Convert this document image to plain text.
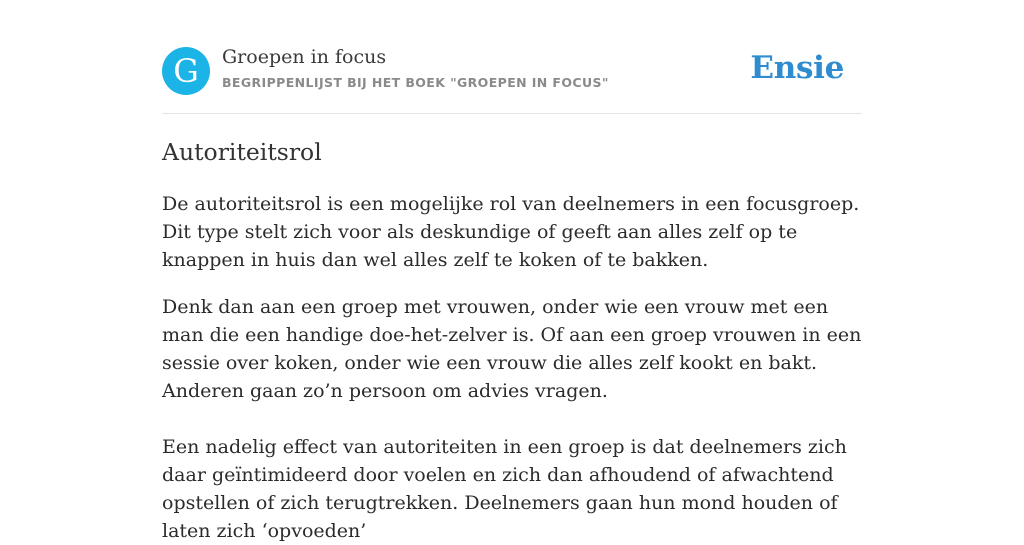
G	Groepen in focus
BEGRIPPENLIJST BIJ HET BOEK "GROEPEN IN FOCUS"	Ensie
Autoriteitsrol

De autoriteitsrol is een mogelijke rol van deelnemers in een focusgroep. Dit type stelt zich voor als deskundige of geeft aan alles zelf op te knappen in huis dan wel alles zelf te koken of te bakken.

Denk dan aan een groep met vrouwen, onder wie een vrouw met een man die een handige doe-het-zelver is. Of aan een groep vrouwen in een sessie over koken, onder wie een vrouw die alles zelf kookt en bakt. Anderen gaan zo’n persoon om advies vragen.

Een nadelig effect van autoriteiten in een groep is dat deelnemers zich daar geïntimideerd door voelen en zich dan afhoudend of afwachtend opstellen of zich terugtrekken. Deelnemers gaan hun mond houden of laten zich ‘opvoeden’
